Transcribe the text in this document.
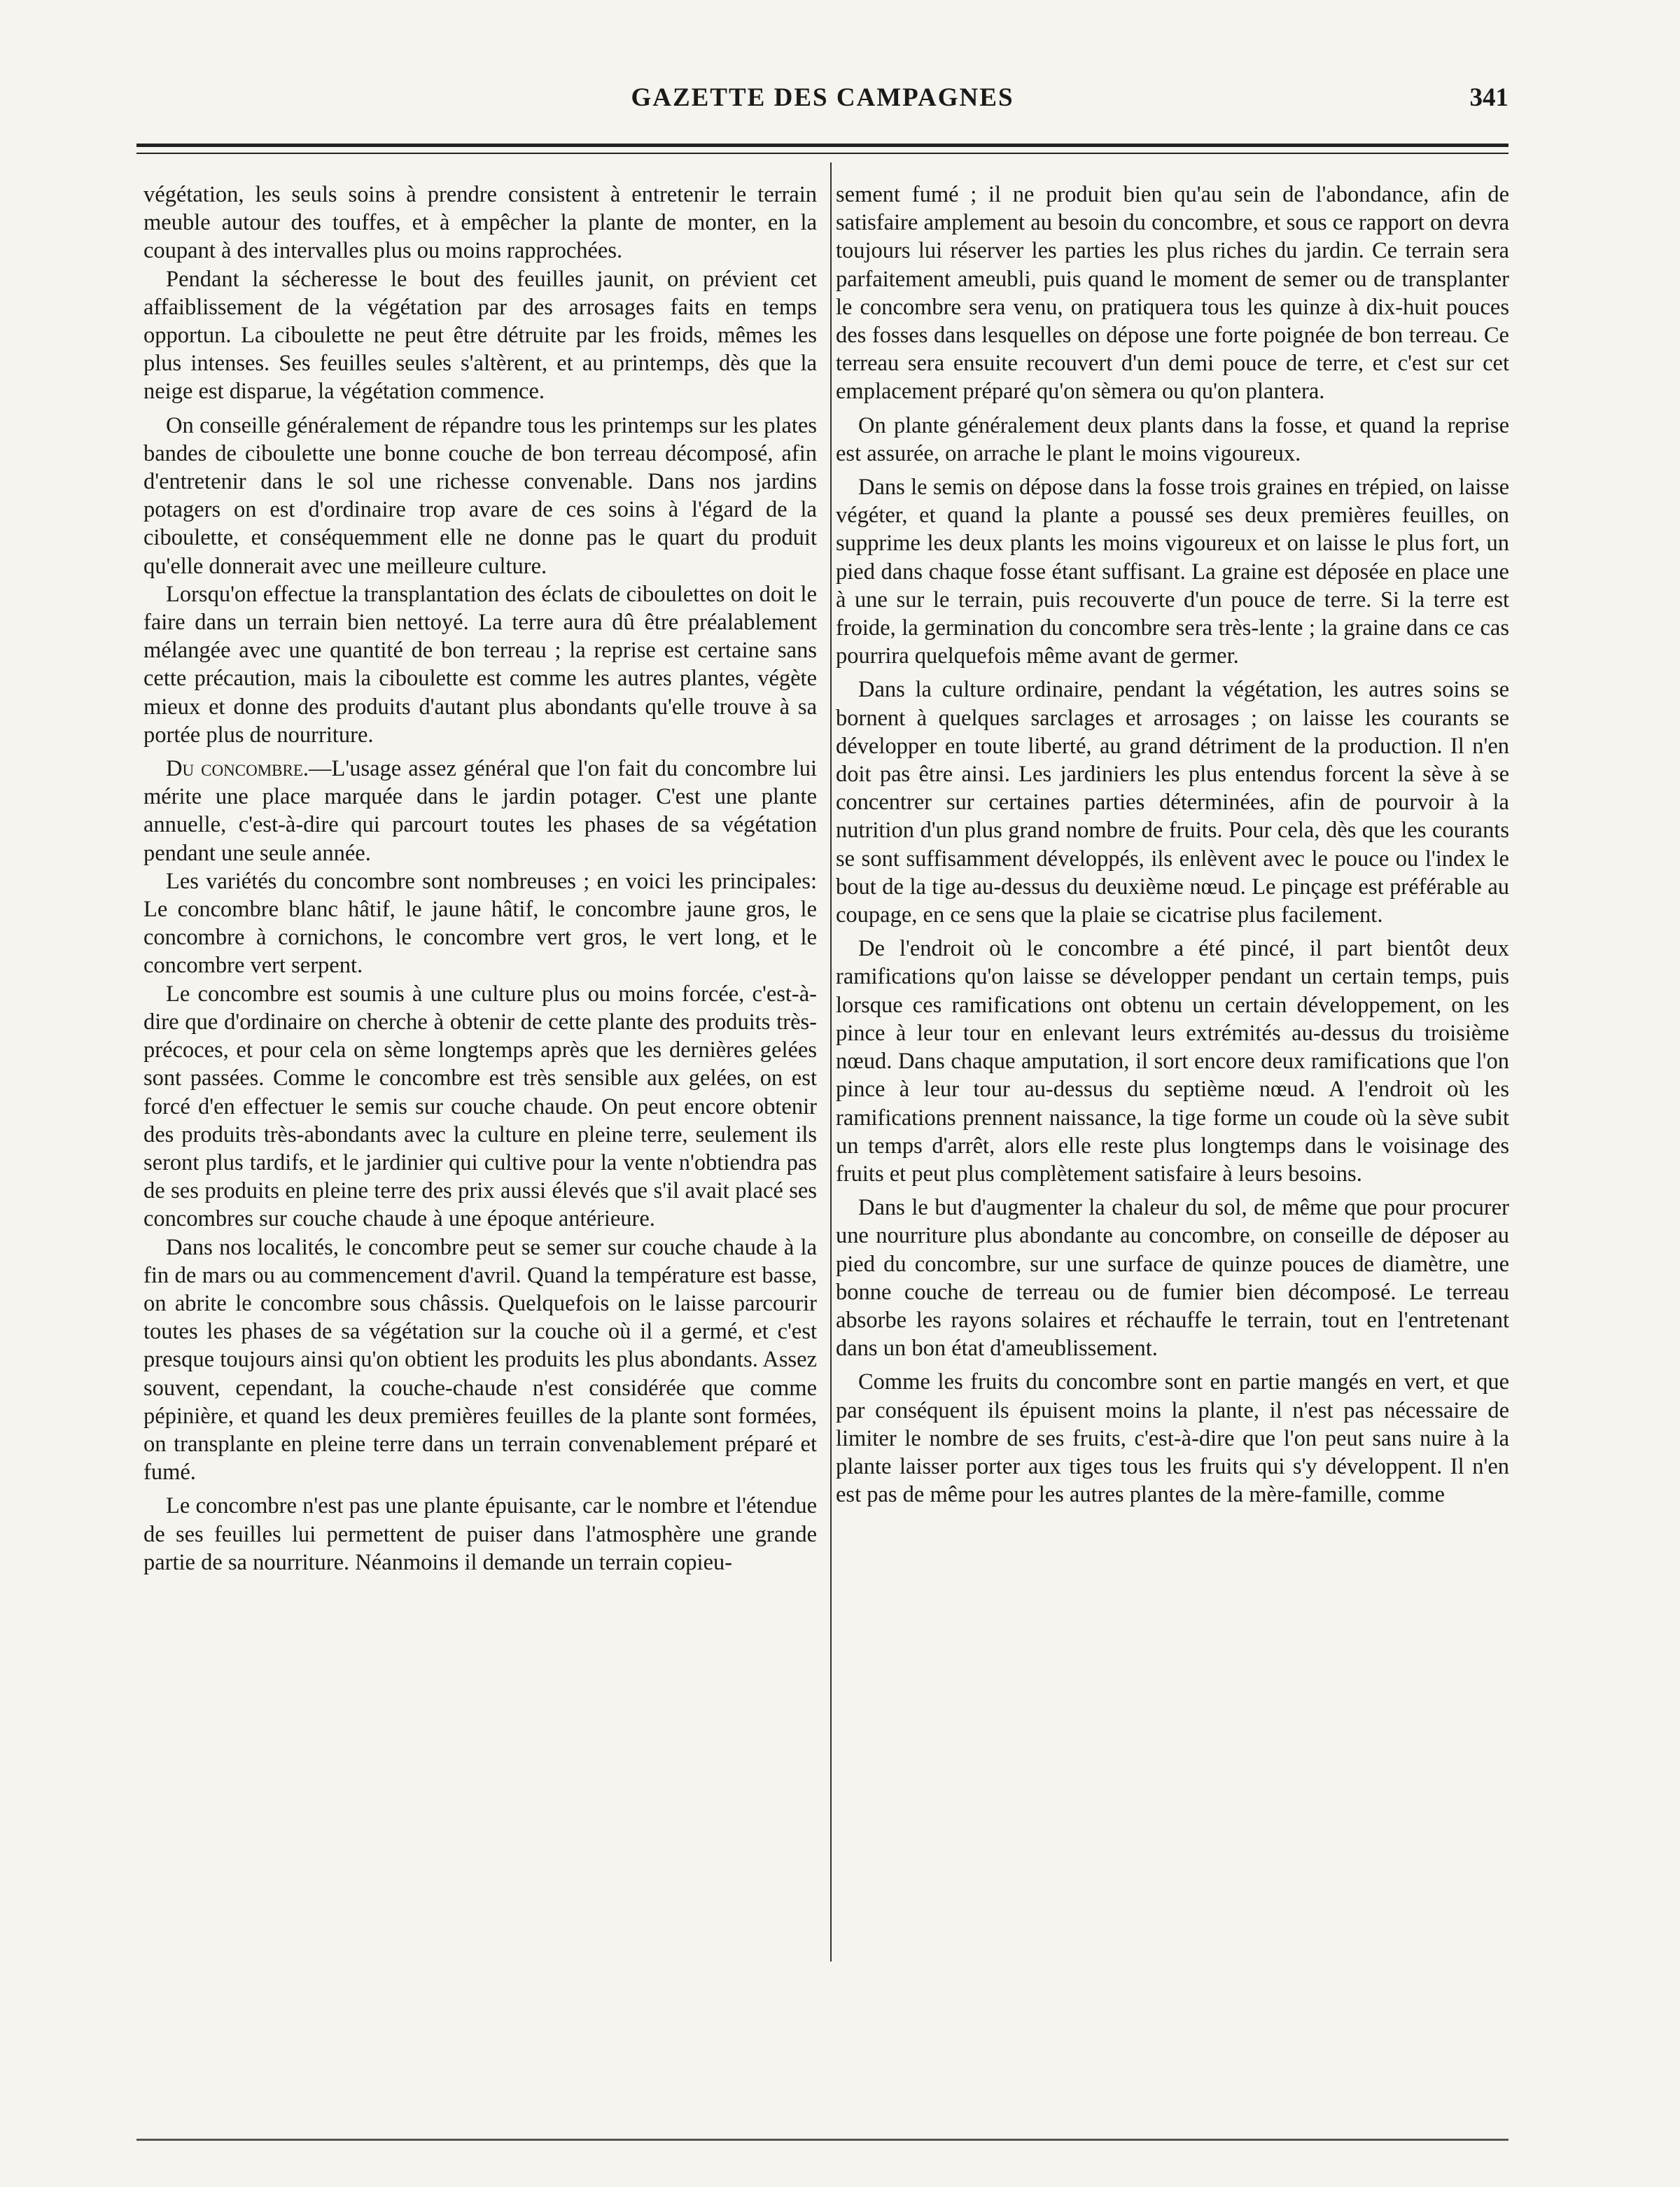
GAZETTE DES CAMPAGNES	341

végétation, les seuls soins à prendre consistent à entretenir le terrain meuble autour des touffes, et à empêcher la plante de monter, en la coupant à des intervalles plus ou moins rapprochées.

Pendant la sécheresse le bout des feuilles jaunit, on prévient cet affaiblissement de la végétation par des arrosages faits en temps opportun. La ciboulette ne peut être détruite par les froids, mêmes les plus intenses. Ses feuilles seules s'altèrent, et au printemps, dès que la neige est disparue, la végétation commence.

On conseille généralement de répandre tous les printemps sur les plates bandes de ciboulette une bonne couche de bon terreau décomposé, afin d'entretenir dans le sol une richesse convenable. Dans nos jardins potagers on est d'ordinaire trop avare de ces soins à l'égard de la ciboulette, et conséquemment elle ne donne pas le quart du produit qu'elle donnerait avec une meilleure culture.

Lorsqu'on effectue la transplantation des éclats de ciboulettes on doit le faire dans un terrain bien nettoyé. La terre aura dû être préalablement mélangée avec une quantité de bon terreau ; la reprise est certaine sans cette précaution, mais la ciboulette est comme les autres plantes, végète mieux et donne des produits d'autant plus abondants qu'elle trouve à sa portée plus de nourriture.

Du concombre.—L'usage assez général que l'on fait du concombre lui mérite une place marquée dans le jardin potager. C'est une plante annuelle, c'est-à-dire qui parcourt toutes les phases de sa végétation pendant une seule année.

Les variétés du concombre sont nombreuses ; en voici les principales: Le concombre blanc hâtif, le jaune hâtif, le concombre jaune gros, le concombre à cornichons, le concombre vert gros, le vert long, et le concombre vert serpent.

Le concombre est soumis à une culture plus ou moins forcée, c'est-à-dire que d'ordinaire on cherche à obtenir de cette plante des produits très-précoces, et pour cela on sème longtemps après que les dernières gelées sont passées. Comme le concombre est très sensible aux gelées, on est forcé d'en effectuer le semis sur couche chaude. On peut encore obtenir des produits très-abondants avec la culture en pleine terre, seulement ils seront plus tardifs, et le jardinier qui cultive pour la vente n'obtiendra pas de ses produits en pleine terre des prix aussi élevés que s'il avait placé ses concombres sur couche chaude à une époque antérieure.

Dans nos localités, le concombre peut se semer sur couche chaude à la fin de mars ou au commencement d'avril. Quand la température est basse, on abrite le concombre sous châssis. Quelquefois on le laisse parcourir toutes les phases de sa végétation sur la couche où il a germé, et c'est presque toujours ainsi qu'on obtient les produits les plus abondants. Assez souvent, cependant, la couche-chaude n'est considérée que comme pépinière, et quand les deux premières feuilles de la plante sont formées, on transplante en pleine terre dans un terrain convenablement préparé et fumé.

Le concombre n'est pas une plante épuisante, car le nombre et l'étendue de ses feuilles lui permettent de puiser dans l'atmosphère une grande partie de sa nourriture. Néanmoins il demande un terrain copieu-

sement fumé ; il ne produit bien qu'au sein de l'abondance, afin de satisfaire amplement au besoin du concombre, et sous ce rapport on devra toujours lui réserver les parties les plus riches du jardin. Ce terrain sera parfaitement ameubli, puis quand le moment de semer ou de transplanter le concombre sera venu, on pratiquera tous les quinze à dix-huit pouces des fosses dans lesquelles on dépose une forte poignée de bon terreau. Ce terreau sera ensuite recouvert d'un demi pouce de terre, et c'est sur cet emplacement préparé qu'on sèmera ou qu'on plantera.

On plante généralement deux plants dans la fosse, et quand la reprise est assurée, on arrache le plant le moins vigoureux.

Dans le semis on dépose dans la fosse trois graines en trépied, on laisse végéter, et quand la plante a poussé ses deux premières feuilles, on supprime les deux plants les moins vigoureux et on laisse le plus fort, un pied dans chaque fosse étant suffisant. La graine est déposée en place une à une sur le terrain, puis recouverte d'un pouce de terre. Si la terre est froide, la germination du concombre sera très-lente ; la graine dans ce cas pourrira quelquefois même avant de germer.

Dans la culture ordinaire, pendant la végétation, les autres soins se bornent à quelques sarclages et arrosages ; on laisse les courants se développer en toute liberté, au grand détriment de la production. Il n'en doit pas être ainsi. Les jardiniers les plus entendus forcent la sève à se concentrer sur certaines parties déterminées, afin de pourvoir à la nutrition d'un plus grand nombre de fruits. Pour cela, dès que les courants se sont suffisamment développés, ils enlèvent avec le pouce ou l'index le bout de la tige au-dessus du deuxième nœud. Le pinçage est préférable au coupage, en ce sens que la plaie se cicatrise plus facilement.

De l'endroit où le concombre a été pincé, il part bientôt deux ramifications qu'on laisse se développer pendant un certain temps, puis lorsque ces ramifications ont obtenu un certain développement, on les pince à leur tour en enlevant leurs extrémités au-dessus du troisième nœud. Dans chaque amputation, il sort encore deux ramifications que l'on pince à leur tour au-dessus du septième nœud. A l'endroit où les ramifications prennent naissance, la tige forme un coude où la sève subit un temps d'arrêt, alors elle reste plus longtemps dans le voisinage des fruits et peut plus complètement satisfaire à leurs besoins.

Dans le but d'augmenter la chaleur du sol, de même que pour procurer une nourriture plus abondante au concombre, on conseille de déposer au pied du concombre, sur une surface de quinze pouces de diamètre, une bonne couche de terreau ou de fumier bien décomposé. Le terreau absorbe les rayons solaires et réchauffe le terrain, tout en l'entretenant dans un bon état d'ameublissement.

Comme les fruits du concombre sont en partie mangés en vert, et que par conséquent ils épuisent moins la plante, il n'est pas nécessaire de limiter le nombre de ses fruits, c'est-à-dire que l'on peut sans nuire à la plante laisser porter aux tiges tous les fruits qui s'y développent. Il n'en est pas de même pour les autres plantes de la mère-famille, comme
